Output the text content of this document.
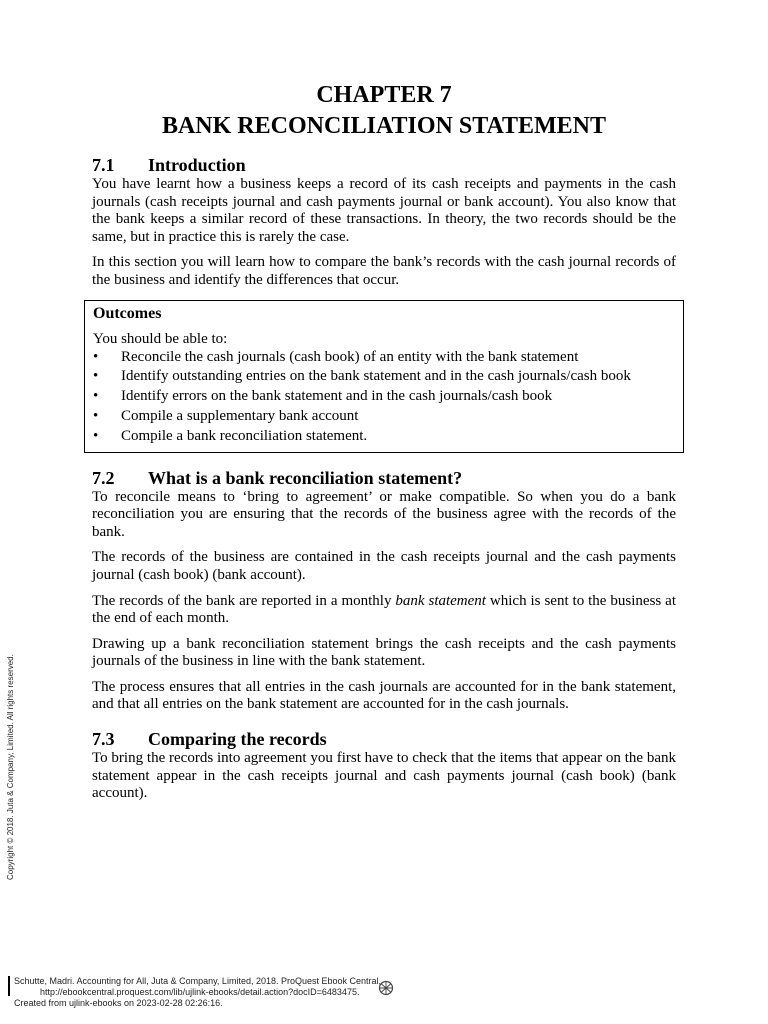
CHAPTER 7
BANK RECONCILIATION STATEMENT
7.1 Introduction

You have learnt how a business keeps a record of its cash receipts and payments in the cash journals (cash receipts journal and cash payments journal or bank account). You also know that the bank keeps a similar record of these transactions. In theory, the two records should be the same, but in practice this is rarely the case.

In this section you will learn how to compare the bank’s records with the cash journal records of the business and identify the differences that occur.

Outcomes
You should be able to:
• Reconcile the cash journals (cash book) of an entity with the bank statement
• Identify outstanding entries on the bank statement and in the cash journals/cash book
• Identify errors on the bank statement and in the cash journals/cash book
• Compile a supplementary bank account
• Compile a bank reconciliation statement.
7.2 What is a bank reconciliation statement?

To reconcile means to ‘bring to agreement’ or make compatible. So when you do a bank reconciliation you are ensuring that the records of the business agree with the records of the bank.

The records of the business are contained in the cash receipts journal and the cash payments journal (cash book) (bank account).

The records of the bank are reported in a monthly bank statement which is sent to the business at the end of each month.

Drawing up a bank reconciliation statement brings the cash receipts and the cash payments journals of the business in line with the bank statement.

The process ensures that all entries in the cash journals are accounted for in the bank statement, and that all entries on the bank statement are accounted for in the cash journals.

7.3 Comparing the records

To bring the records into agreement you first have to check that the items that appear on the bank statement appear in the cash receipts journal and cash payments journal (cash book) (bank account).

Copyright © 2018. Juta & Company, Limited. All rights reserved.
Schutte, Madri. Accounting for All, Juta & Company, Limited, 2018. ProQuest Ebook Central,
http://ebookcentral.proquest.com/lib/ujlink-ebooks/detail.action?docID=6483475.
Created from ujlink-ebooks on 2023-02-28 02:26:16.
